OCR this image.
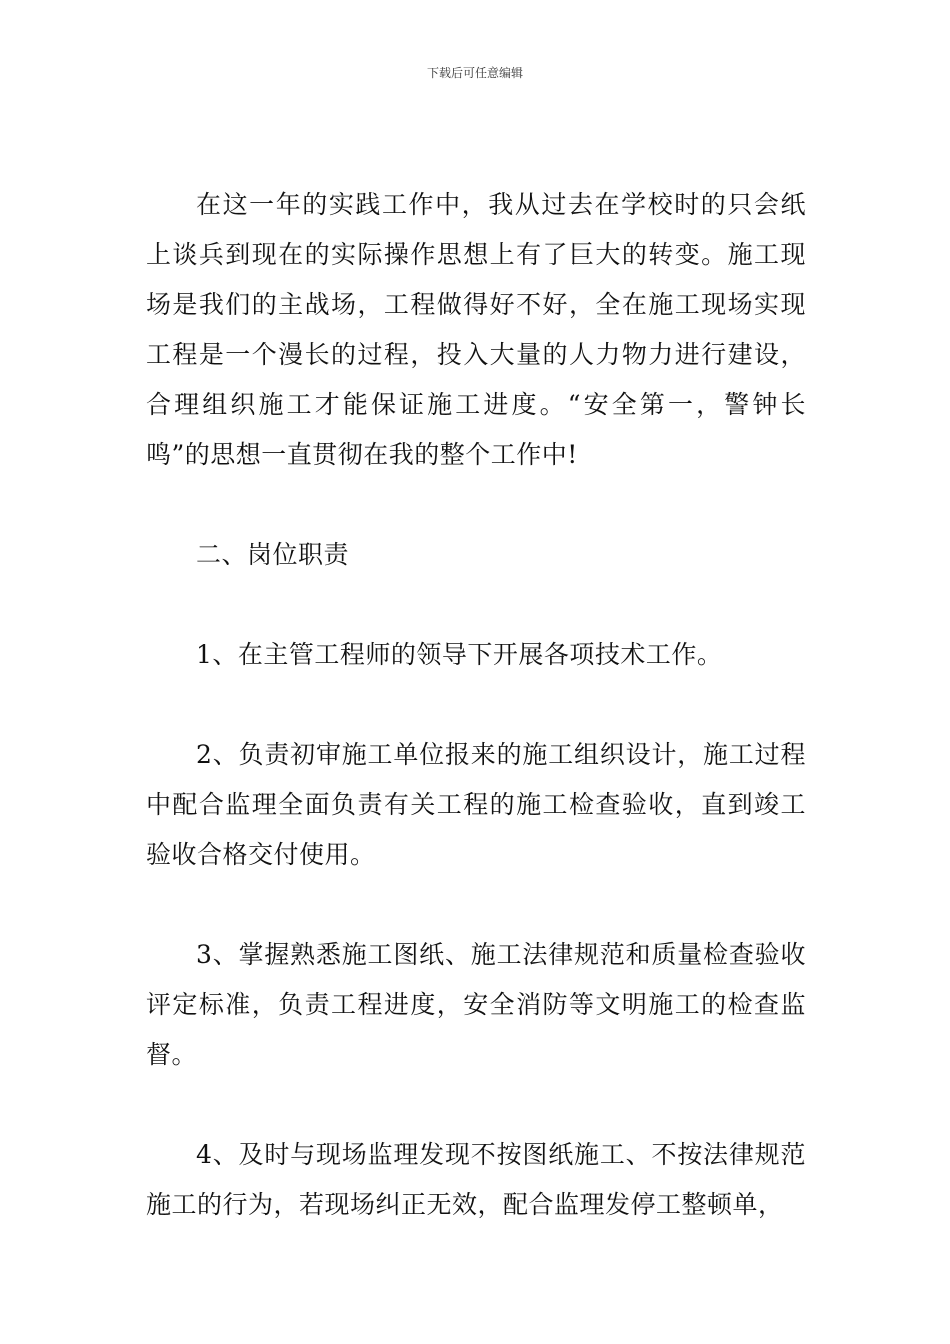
下载后可任意编辑

在这一年的实践工作中，我从过去在学校时的只会纸上谈兵到现在的实际操作思想上有了巨大的转变。施工现场是我们的主战场，工程做得好不好，全在施工现场实现工程是一个漫长的过程，投入大量的人力物力进行建设，合理组织施工才能保证施工进度。“安全第一，警钟长鸣”的思想一直贯彻在我的整个工作中!

二、岗位职责

1、在主管工程师的领导下开展各项技术工作。

2、负责初审施工单位报来的施工组织设计，施工过程中配合监理全面负责有关工程的施工检查验收，直到竣工验收合格交付使用。

3、掌握熟悉施工图纸、施工法律规范和质量检查验收评定标准，负责工程进度，安全消防等文明施工的检查监督。

4、及时与现场监理发现不按图纸施工、不按法律规范施工的行为，若现场纠正无效，配合监理发停工整顿单，
